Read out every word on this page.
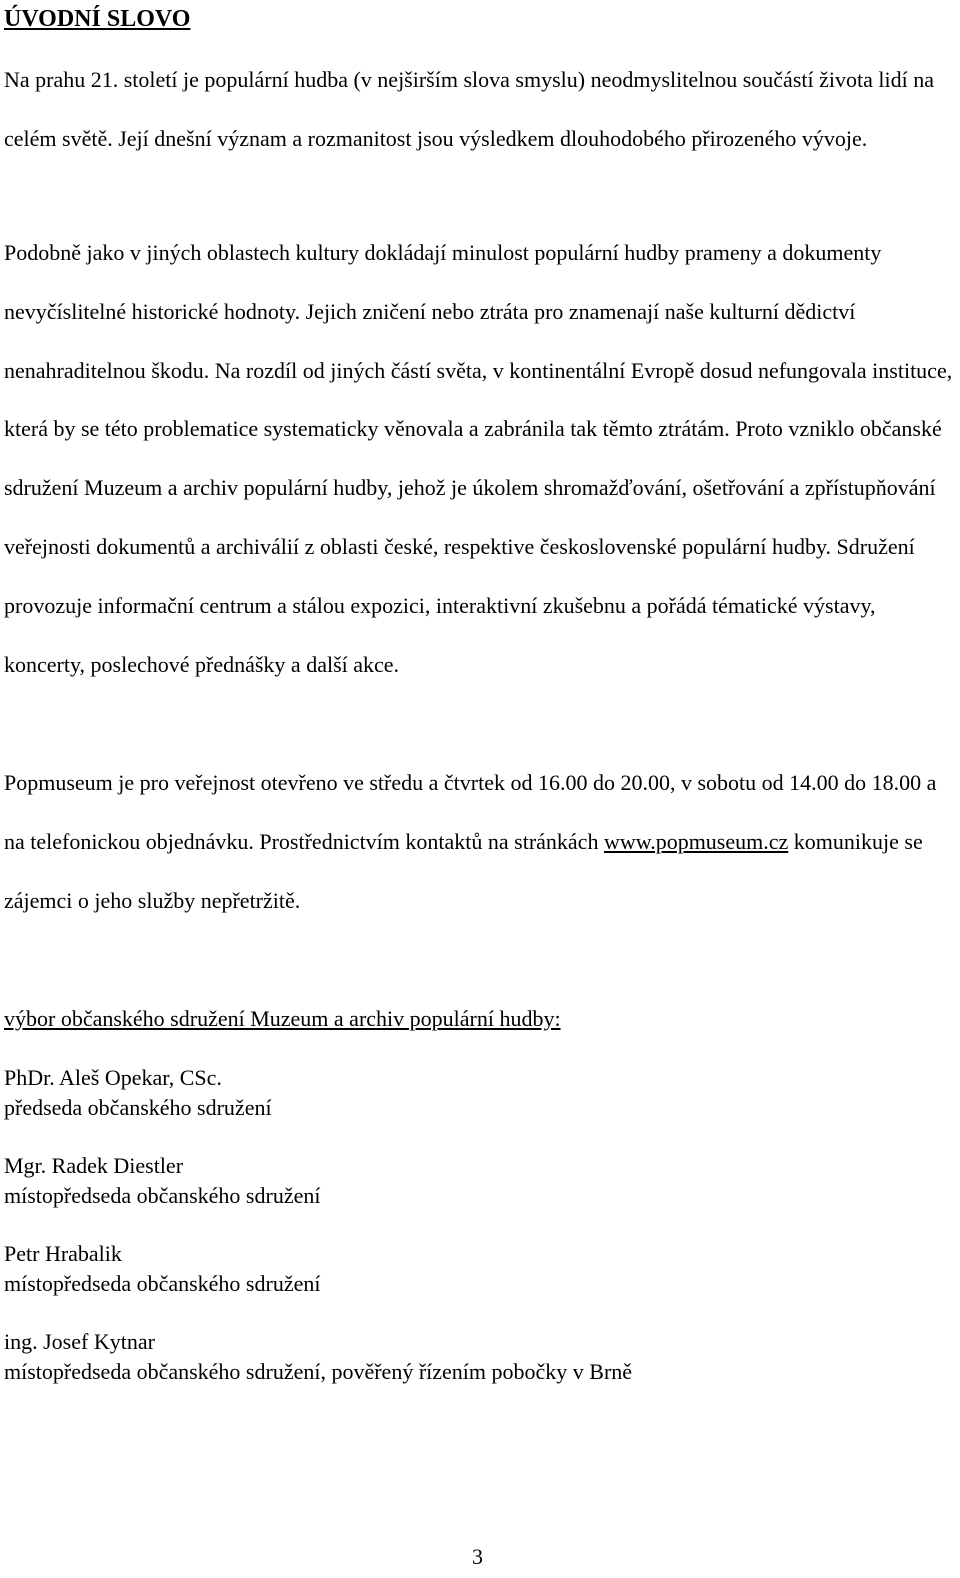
ÚVODNÍ SLOVO

Na prahu 21. století je populární hudba (v nejširším slova smyslu) neodmyslitelnou součástí života lidí na celém světě. Její dnešní význam a rozmanitost jsou výsledkem dlouhodobého přirozeného vývoje.

Podobně jako v jiných oblastech kultury dokládají minulost populární hudby prameny a dokumenty nevyčíslitelné historické hodnoty. Jejich zničení nebo ztráta pro znamenají naše kulturní dědictví nenahraditelnou škodu. Na rozdíl od jiných částí světa, v kontinentální Evropě dosud nefungovala instituce, která by se této problematice systematicky věnovala a zabránila tak těmto ztrátám. Proto vzniklo občanské sdružení Muzeum a archiv populární hudby, jehož je úkolem shromažďování, ošetřování a zpřístupňování veřejnosti dokumentů a archiválií z oblasti české, respektive československé populární hudby. Sdružení provozuje informační centrum a stálou expozici, interaktivní zkušebnu a pořádá tématické výstavy, koncerty, poslechové přednášky a další akce.

Popmuseum je pro veřejnost otevřeno ve středu a čtvrtek od 16.00 do 20.00, v sobotu od 14.00 do 18.00 a na telefonickou objednávku. Prostřednictvím kontaktů na stránkách www.popmuseum.cz komunikuje se zájemci o jeho služby nepřetržitě.

výbor občanského sdružení Muzeum a archiv populární hudby:
PhDr. Aleš Opekar, CSc.
předseda občanského sdružení
Mgr. Radek Diestler
místopředseda občanského sdružení
Petr Hrabalik
místopředseda občanského sdružení
ing. Josef Kytnar
místopředseda občanského sdružení, pověřený řízením pobočky v Brně
3
